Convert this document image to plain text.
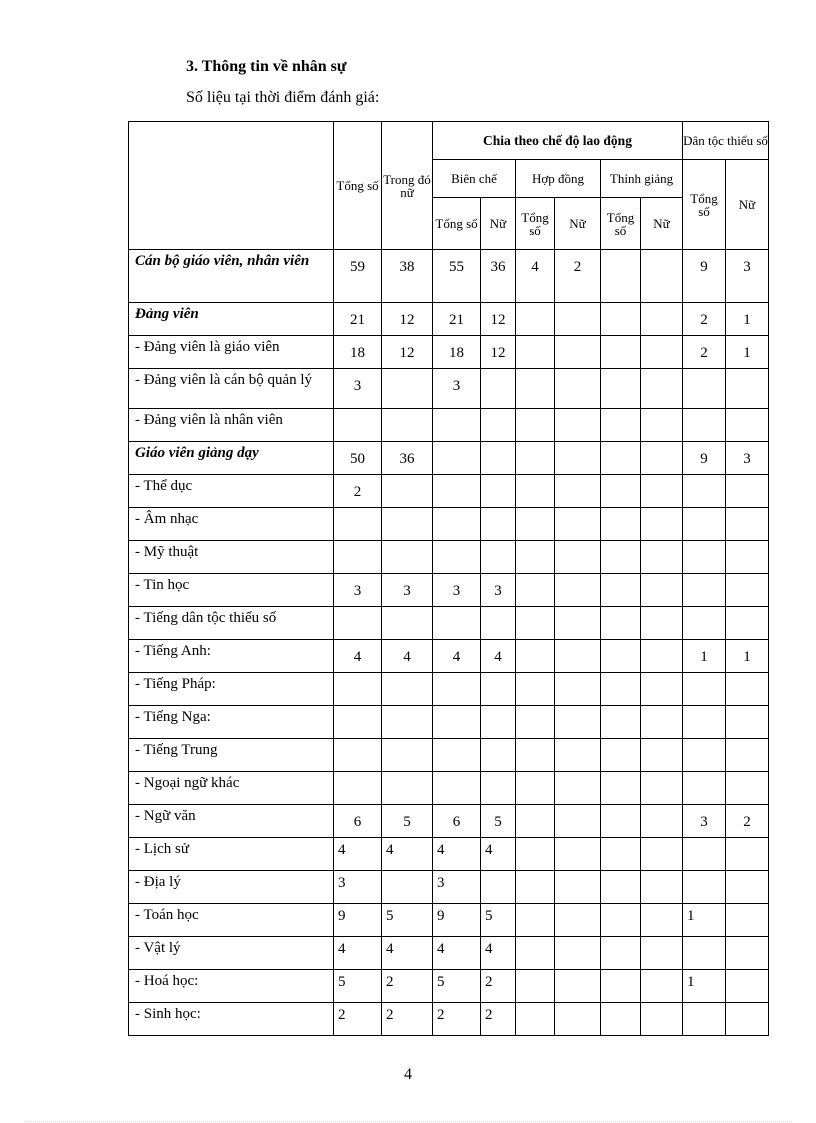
3. Thông tin về nhân sự
Số liệu tại thời điểm đánh giá:
	Tổng số	Trong đó nữ	Chia theo chế độ lao động						Dân tộc thiểu số	
			Biên chế		Hợp đồng		Thỉnh giảng		Tổng số	Nữ
			Tổng số	Nữ	Tổng số	Nữ	Tổng số	Nữ		
Cán bộ giáo viên, nhân viên	59	38	55	36	4	2			9	3
Đảng viên	21	12	21	12					2	1
- Đảng viên là giáo viên	18	12	18	12					2	1
- Đảng viên là cán bộ quản lý	3		3							
- Đảng viên là nhân viên										
Giáo viên giảng dạy	50	36							9	3
- Thể dục	2									
- Âm nhạc										
- Mỹ thuật										
- Tin học	3	3	3	3						
- Tiếng dân tộc thiểu số										
- Tiếng Anh:	4	4	4	4					1	1
- Tiếng Pháp:										
- Tiếng Nga:										
- Tiếng Trung										
- Ngoại ngữ khác										
- Ngữ văn	6	5	6	5					3	2
- Lịch sử	4	4	4	4						
- Địa lý	3		3							
- Toán học	9	5	9	5					1	
- Vật lý	4	4	4	4						
- Hoá học:	5	2	5	2					1	
- Sinh học:	2	2	2	2						
4
